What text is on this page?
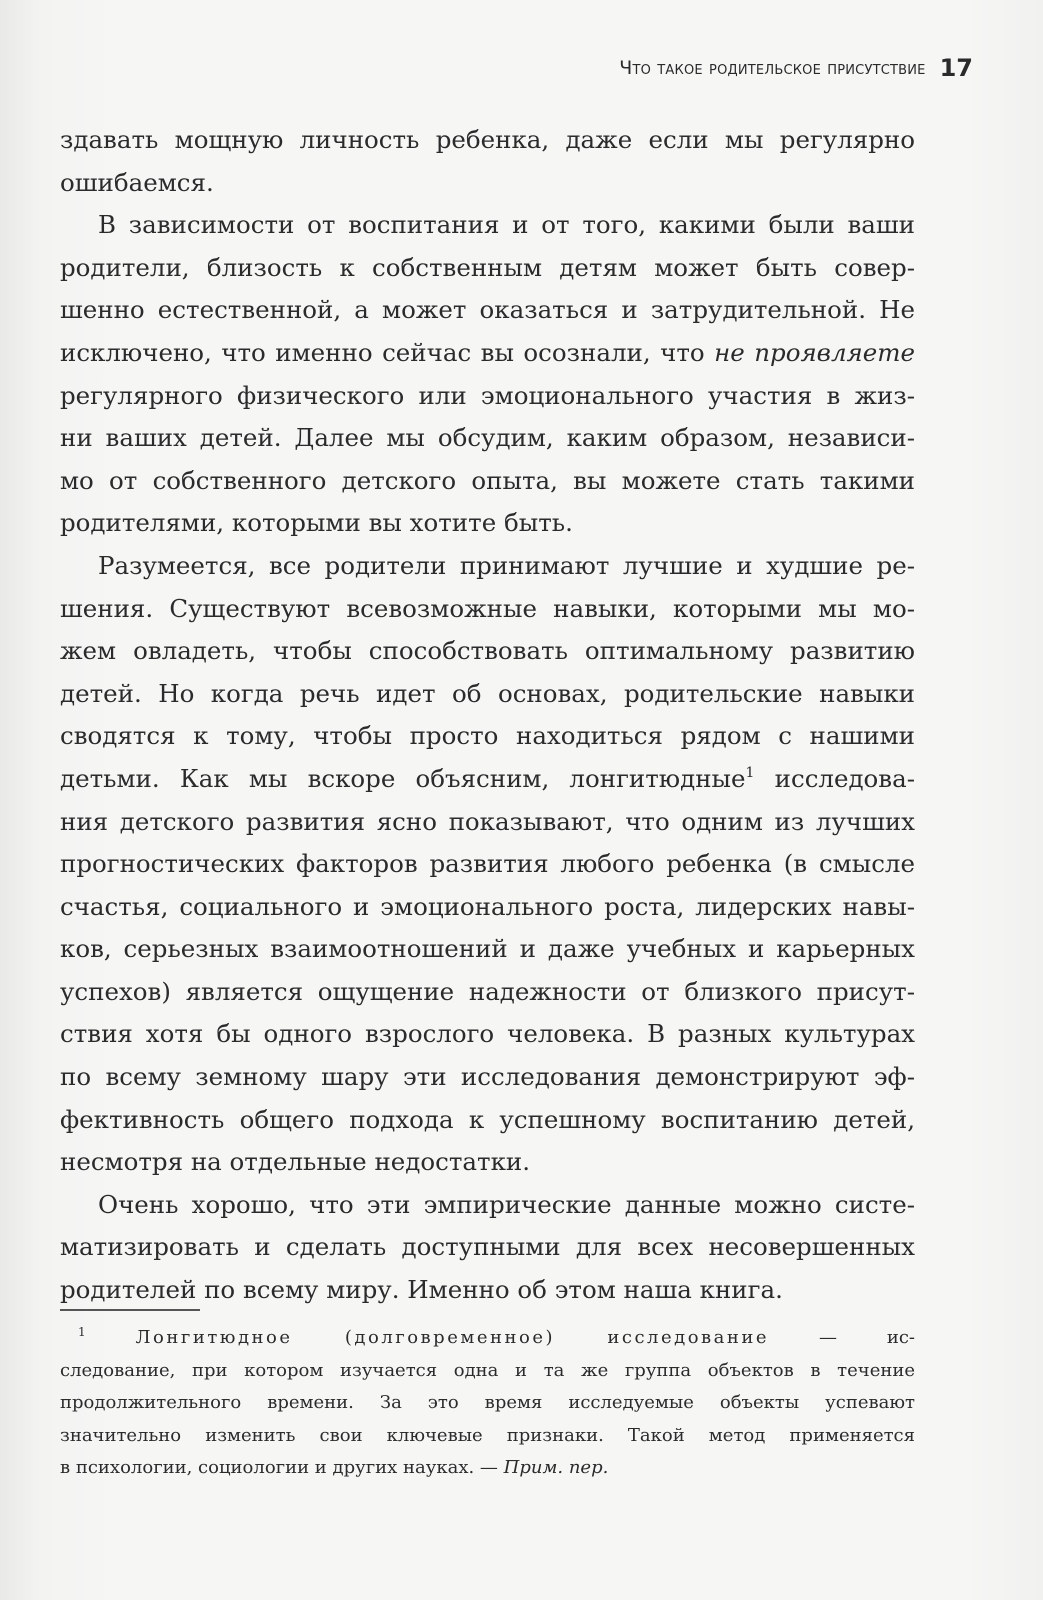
Что такое родительское присутствие 17
здавать мощную личность ребенка, даже если мы регулярно
ошибаемся.
В зависимости от воспитания и от того, какими были ваши
родители, близость к собственным детям может быть совер-
шенно естественной, а может оказаться и затрудительной. Не
исключено, что именно сейчас вы осознали, что не проявляете
регулярного физического или эмоционального участия в жиз-
ни ваших детей. Далее мы обсудим, каким образом, независи-
мо от собственного детского опыта, вы можете стать такими
родителями, которыми вы хотите быть.
Разумеется, все родители принимают лучшие и худшие ре-
шения. Существуют всевозможные навыки, которыми мы мо-
жем овладеть, чтобы способствовать оптимальному развитию
детей. Но когда речь идет об основах, родительские навыки
сводятся к тому, чтобы просто находиться рядом с нашими
детьми. Как мы вскоре объясним, лонгитюдные$^1$ исследова-
ния детского развития ясно показывают, что одним из лучших
прогностических факторов развития любого ребенка (в смысле
счастья, социального и эмоционального роста, лидерских навы-
ков, серьезных взаимоотношений и даже учебных и карьерных
успехов) является ощущение надежности от близкого присут-
ствия хотя бы одного взрослого человека. В разных культурах
по всему земному шару эти исследования демонстрируют эф-
фективность общего подхода к успешному воспитанию детей,
несмотря на отдельные недостатки.
Очень хорошо, что эти эмпирические данные можно систе-
матизировать и сделать доступными для всех несовершенных
родителей по всему миру. Именно об этом наша книга.
$^1$	Лонгитюдное (долговременное) исследование	— ис-
следование, при котором изучается одна и та же группа объектов в течение
продолжительного времени. За это время исследуемые объекты успевают
значительно изменить свои ключевые признаки. Такой метод применяется
в психологии, социологии и других науках. — Прим. пер.
